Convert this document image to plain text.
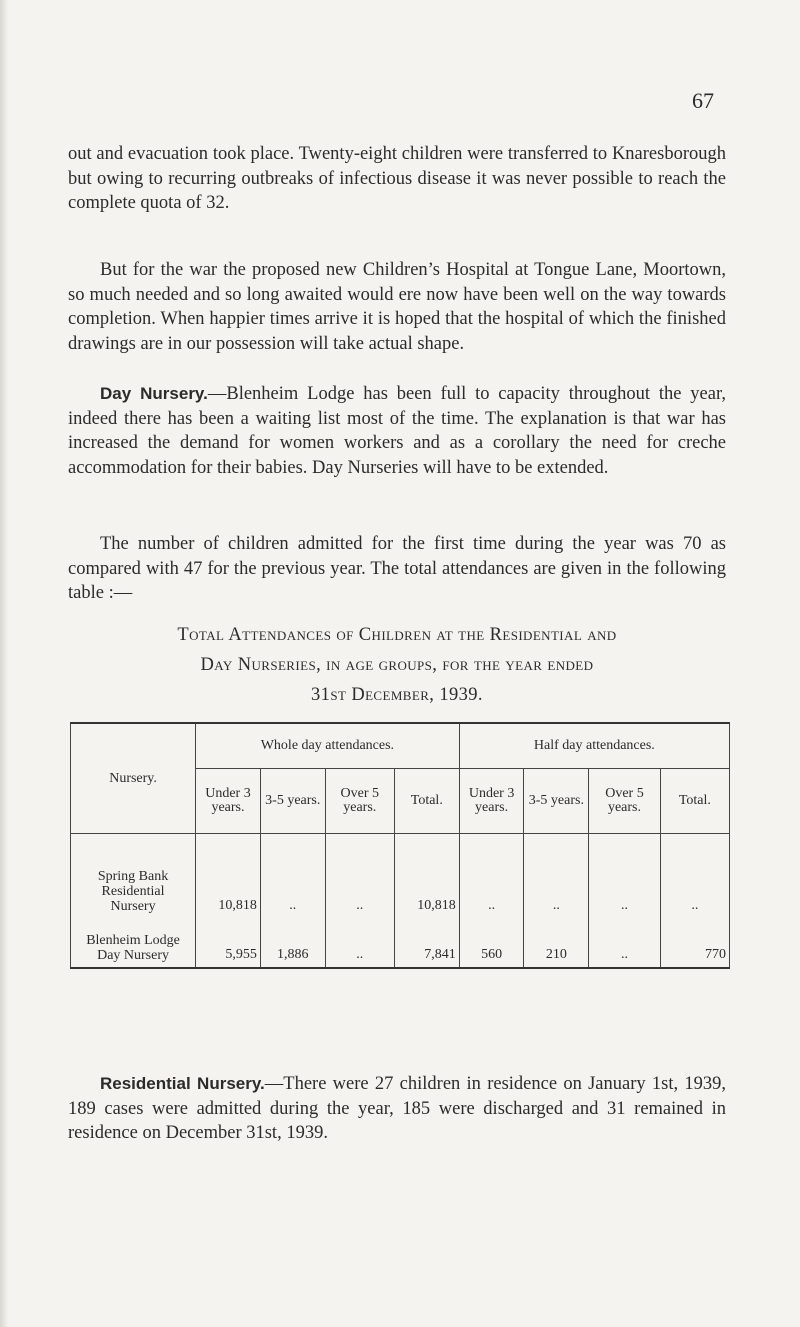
67

out and evacuation took place. Twenty-eight children were transferred to Knaresborough but owing to recurring outbreaks of infectious disease it was never possible to reach the complete quota of 32.

But for the war the proposed new Children’s Hospital at Tongue Lane, Moortown, so much needed and so long awaited would ere now have been well on the way towards completion. When happier times arrive it is hoped that the hospital of which the finished drawings are in our possession will take actual shape.

Day Nursery.—Blenheim Lodge has been full to capacity throughout the year, indeed there has been a waiting list most of the time. The explanation is that war has increased the demand for women workers and as a corollary the need for creche accommodation for their babies. Day Nurseries will have to be extended.

The number of children admitted for the first time during the year was 70 as compared with 47 for the previous year. The total attendances are given in the following table :—

Total Attendances of Children at the Residential and
Day Nurseries, in age groups, for the year ended
31st December, 1939.
Nursery.	Whole day attendances.				Half day attendances.			
	Under 3 years.	3-5 years.	Over 5 years.	Total.	Under 3 years.	3-5 years.	Over 5 years.	Total.

Spring Bank
Residential
Nursery	10,818	..	..	10,818	..	..	..	..

Blenheim Lodge
Day Nursery	5,955	1,886	..	7,841	560	210	..	770

Residential Nursery.—There were 27 children in residence on January 1st, 1939, 189 cases were admitted during the year, 185 were discharged and 31 remained in residence on December 31st, 1939.
